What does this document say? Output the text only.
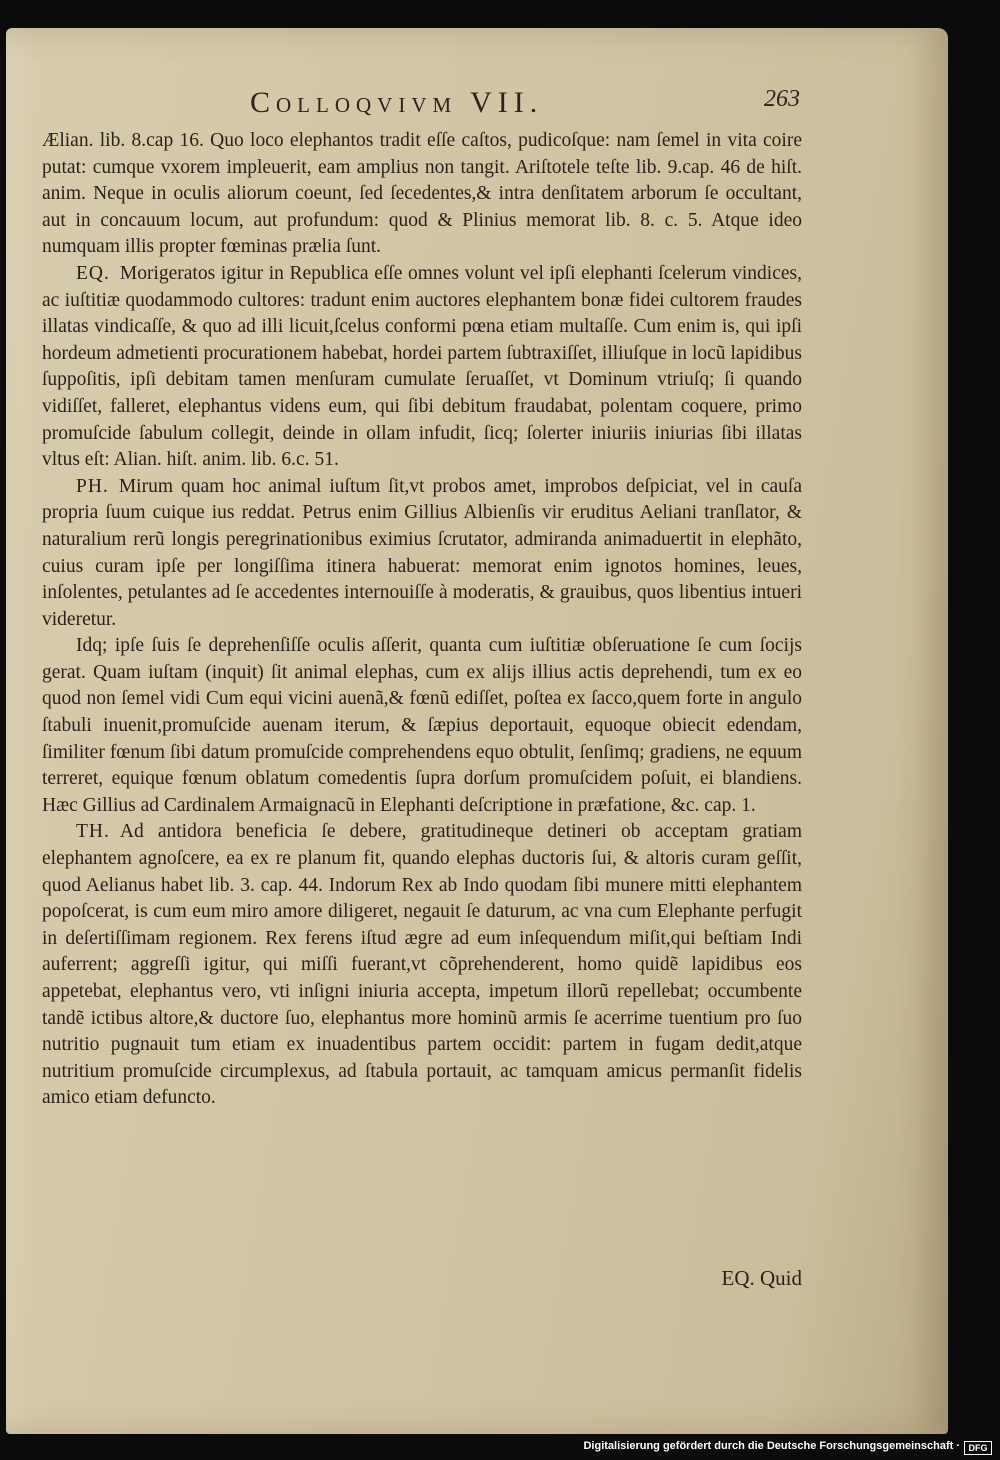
Colloqvivm VII.	263

Ælian. lib. 8.cap 16. Quo loco elephantos tradit eſſe caſtos, pudicoſque: nam ſemel in vita coire putat: cumque vxorem impleuerit, eam amplius non tangit. Ariſtotele teſte lib. 9.cap. 46 de hiſt. anim. Neque in oculis aliorum coeunt, ſed ſecedentes,& intra denſitatem arborum ſe occultant, aut in concauum locum, aut profundum: quod & Plinius memorat lib. 8. c. 5. Atque ideo numquam illis propter fœminas prælia ſunt.

EQ. Morigeratos igitur in Republica eſſe omnes volunt vel ipſi elephanti ſcelerum vindices, ac iuſtitiæ quodammodo cultores: tradunt enim auctores elephantem bonæ fidei cultorem fraudes illatas vindicaſſe, & quo ad illi licuit,ſcelus conformi pœna etiam multaſſe. Cum enim is, qui ipſi hordeum admetienti procurationem habebat, hordei partem ſubtraxiſſet, illiuſque in locũ lapidibus ſuppoſitis, ipſi debitam tamen menſuram cumulate ſeruaſſet, vt Dominum vtriuſq; ſi quando vidiſſet, falleret, elephantus videns eum, qui ſibi debitum fraudabat, polentam coquere, primo promuſcide ſabulum collegit, deinde in ollam infudit, ſicq; ſolerter iniuriis iniurias ſibi illatas vltus eſt: Alian. hiſt. anim. lib. 6.c. 51.

PH. Mirum quam hoc animal iuſtum ſit,vt probos amet, improbos deſpiciat, vel in cauſa propria ſuum cuique ius reddat. Petrus enim Gillius Albienſis vir eruditus Aeliani tranſlator, & naturalium rerũ longis peregrinationibus eximius ſcrutator, admiranda animaduertit in elephãto, cuius curam ipſe per longiſſima itinera habuerat: memorat enim ignotos homines, leues, inſolentes, petulantes ad ſe accedentes internouiſſe à moderatis, & grauibus, quos libentius intueri videretur.

Idq; ipſe ſuis ſe deprehenſiſſe oculis aſſerit, quanta cum iuſtitiæ obſeruatione ſe cum ſocijs gerat. Quam iuſtam (inquit) ſit animal elephas, cum ex alijs illius actis deprehendi, tum ex eo quod non ſemel vidi Cum equi vicini auenã,& fœnũ ediſſet, poſtea ex ſacco,quem forte in angulo ſtabuli inuenit,promuſcide auenam iterum, & ſæpius deportauit, equoque obiecit edendam, ſimiliter fœnum ſibi datum promuſcide comprehendens equo obtulit, ſenſimq; gradiens, ne equum terreret, equique fœnum oblatum comedentis ſupra dorſum promuſcidem poſuit, ei blandiens. Hæc Gillius ad Cardinalem Armaignacũ in Elephanti deſcriptione in præfatione, &c. cap. 1.

TH. Ad antidora beneficia ſe debere, gratitudineque detineri ob acceptam gratiam elephantem agnoſcere, ea ex re planum fit, quando elephas ductoris ſui, & altoris curam geſſit, quod Aelianus habet lib. 3. cap. 44. Indorum Rex ab Indo quodam ſibi munere mitti elephantem popoſcerat, is cum eum miro amore diligeret, negauit ſe daturum, ac vna cum Elephante perfugit in deſertiſſimam regionem. Rex ferens iſtud ægre ad eum inſequendum miſit,qui beſtiam Indi auferrent; aggreſſi igitur, qui miſſi fuerant,vt cõprehenderent, homo quidẽ lapidibus eos appetebat, elephantus vero, vti inſigni iniuria accepta, impetum illorũ repellebat; occumbente tandẽ ictibus altore,& ductore ſuo, elephantus more hominũ armis ſe acerrime tuentium pro ſuo nutritio pugnauit tum etiam ex inuadentibus partem occidit: partem in fugam dedit,atque nutritium promuſcide circumplexus, ad ſtabula portauit, ac tamquam amicus permanſit fidelis amico etiam defuncto.

EQ. Quid
Digitalisierung gefördert durch die Deutsche Forschungsgemeinschaft · DFG
